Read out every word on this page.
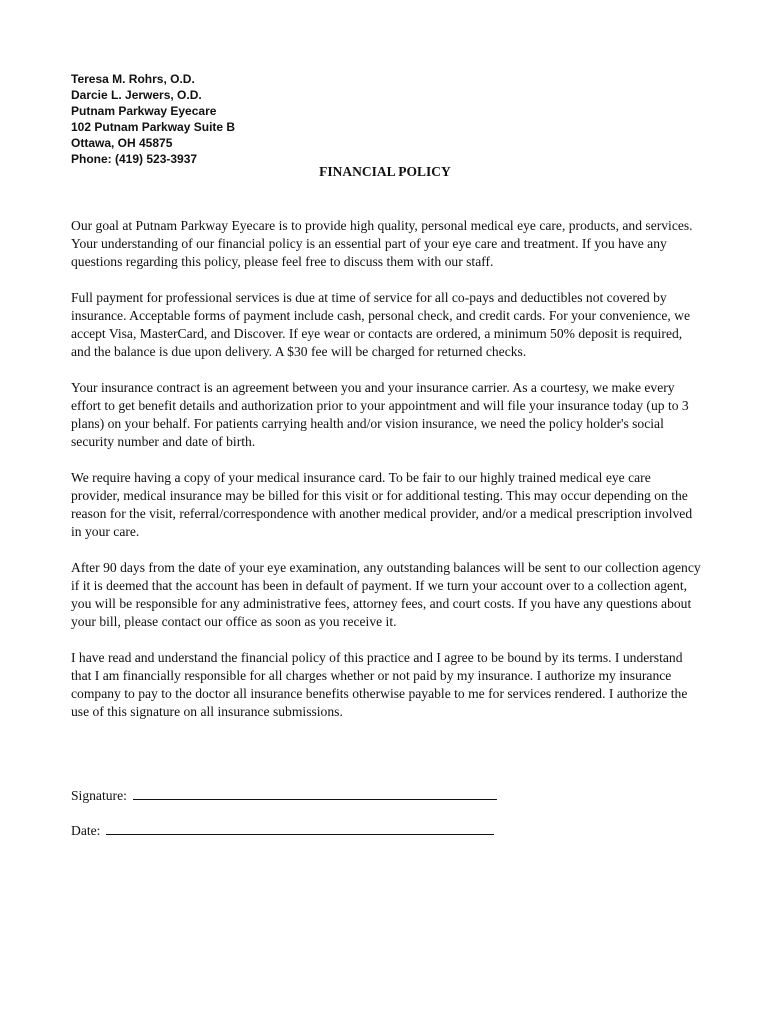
Teresa M. Rohrs, O.D.
Darcie L. Jerwers, O.D.
Putnam Parkway Eyecare
102 Putnam Parkway Suite B
Ottawa, OH 45875
Phone: (419) 523-3937
FINANCIAL POLICY

Our goal at Putnam Parkway Eyecare is to provide high quality, personal medical eye care, products, and services. Your understanding of our financial policy is an essential part of your eye care and treatment. If you have any questions regarding this policy, please feel free to discuss them with our staff.

Full payment for professional services is due at time of service for all co-pays and deductibles not covered by insurance. Acceptable forms of payment include cash, personal check, and credit cards. For your convenience, we accept Visa, MasterCard, and Discover. If eye wear or contacts are ordered, a minimum 50% deposit is required, and the balance is due upon delivery. A $30 fee will be charged for returned checks.

Your insurance contract is an agreement between you and your insurance carrier. As a courtesy, we make every effort to get benefit details and authorization prior to your appointment and will file your insurance today (up to 3 plans) on your behalf. For patients carrying health and/or vision insurance, we need the policy holder's social security number and date of birth.

We require having a copy of your medical insurance card. To be fair to our highly trained medical eye care provider, medical insurance may be billed for this visit or for additional testing. This may occur depending on the reason for the visit, referral/correspondence with another medical provider, and/or a medical prescription involved in your care.

After 90 days from the date of your eye examination, any outstanding balances will be sent to our collection agency if it is deemed that the account has been in default of payment. If we turn your account over to a collection agent, you will be responsible for any administrative fees, attorney fees, and court costs. If you have any questions about your bill, please contact our office as soon as you receive it.

I have read and understand the financial policy of this practice and I agree to be bound by its terms. I understand that I am financially responsible for all charges whether or not paid by my insurance. I authorize my insurance company to pay to the doctor all insurance benefits otherwise payable to me for services rendered. I authorize the use of this signature on all insurance submissions.

Signature:
Date:
